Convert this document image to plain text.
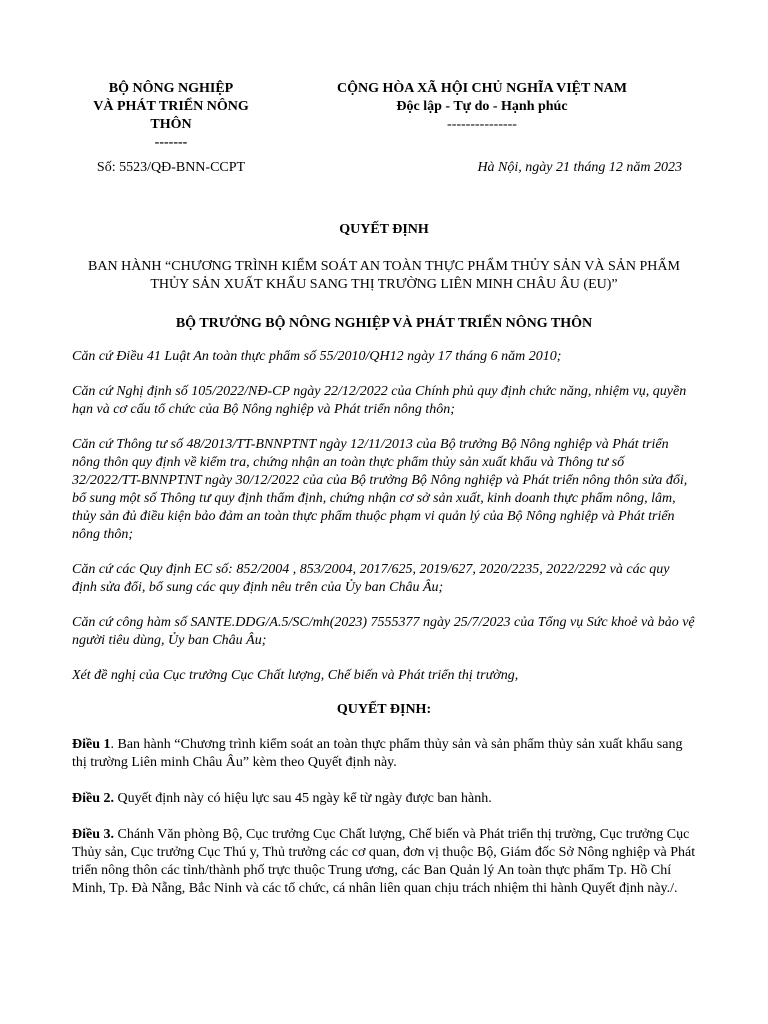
BỘ NÔNG NGHIỆP
VÀ PHÁT TRIỂN NÔNG
THÔN
-------
CỘNG HÒA XÃ HỘI CHỦ NGHĨA VIỆT NAM
Độc lập - Tự do - Hạnh phúc
---------------
Số: 5523/QĐ-BNN-CCPT	Hà Nội, ngày 21 tháng 12 năm 2023
QUYẾT ĐỊNH
BAN HÀNH “CHƯƠNG TRÌNH KIỂM SOÁT AN TOÀN THỰC PHẨM THỦY SẢN VÀ SẢN PHẨM THỦY SẢN XUẤT KHẨU SANG THỊ TRƯỜNG LIÊN MINH CHÂU ÂU (EU)”
BỘ TRƯỞNG BỘ NÔNG NGHIỆP VÀ PHÁT TRIỂN NÔNG THÔN

Căn cứ Điều 41 Luật An toàn thực phẩm số 55/2010/QH12 ngày 17 tháng 6 năm 2010;

Căn cứ Nghị định số 105/2022/NĐ-CP ngày 22/12/2022 của Chính phủ quy định chức năng, nhiệm vụ, quyền hạn và cơ cấu tổ chức của Bộ Nông nghiệp và Phát triển nông thôn;

Căn cứ Thông tư số 48/2013/TT-BNNPTNT ngày 12/11/2013 của Bộ trưởng Bộ Nông nghiệp và Phát triển nông thôn quy định về kiểm tra, chứng nhận an toàn thực phẩm thủy sản xuất khẩu và Thông tư số 32/2022/TT-BNNPTNT ngày 30/12/2022 của của Bộ trưởng Bộ Nông nghiệp và Phát triển nông thôn sửa đổi, bổ sung một số Thông tư quy định thẩm định, chứng nhận cơ sở sản xuất, kinh doanh thực phẩm nông, lâm, thủy sản đủ điều kiện bảo đảm an toàn thực phẩm thuộc phạm vi quản lý của Bộ Nông nghiệp và Phát triển nông thôn;

Căn cứ các Quy định EC số: 852/2004 , 853/2004, 2017/625, 2019/627, 2020/2235, 2022/2292 và các quy định sửa đổi, bổ sung các quy định nêu trên của Ủy ban Châu Âu;

Căn cứ công hàm số SANTE.DDG/A.5/SC/mh(2023) 7555377 ngày 25/7/2023 của Tổng vụ Sức khoẻ và bảo vệ người tiêu dùng, Ủy ban Châu Âu;

Xét đề nghị của Cục trưởng Cục Chất lượng, Chế biến và Phát triển thị trường,

QUYẾT ĐỊNH:

Điều 1. Ban hành “Chương trình kiểm soát an toàn thực phẩm thủy sản và sản phẩm thủy sản xuất khẩu sang thị trường Liên minh Châu Âu” kèm theo Quyết định này.

Điều 2. Quyết định này có hiệu lực sau 45 ngày kể từ ngày được ban hành.

Điều 3. Chánh Văn phòng Bộ, Cục trưởng Cục Chất lượng, Chế biến và Phát triển thị trường, Cục trưởng Cục Thủy sản, Cục trưởng Cục Thú y, Thủ trưởng các cơ quan, đơn vị thuộc Bộ, Giám đốc Sở Nông nghiệp và Phát triển nông thôn các tỉnh/thành phố trực thuộc Trung ương, các Ban Quản lý An toàn thực phẩm Tp. Hồ Chí Minh, Tp. Đà Nẵng, Bắc Ninh và các tổ chức, cá nhân liên quan chịu trách nhiệm thi hành Quyết định này./.
